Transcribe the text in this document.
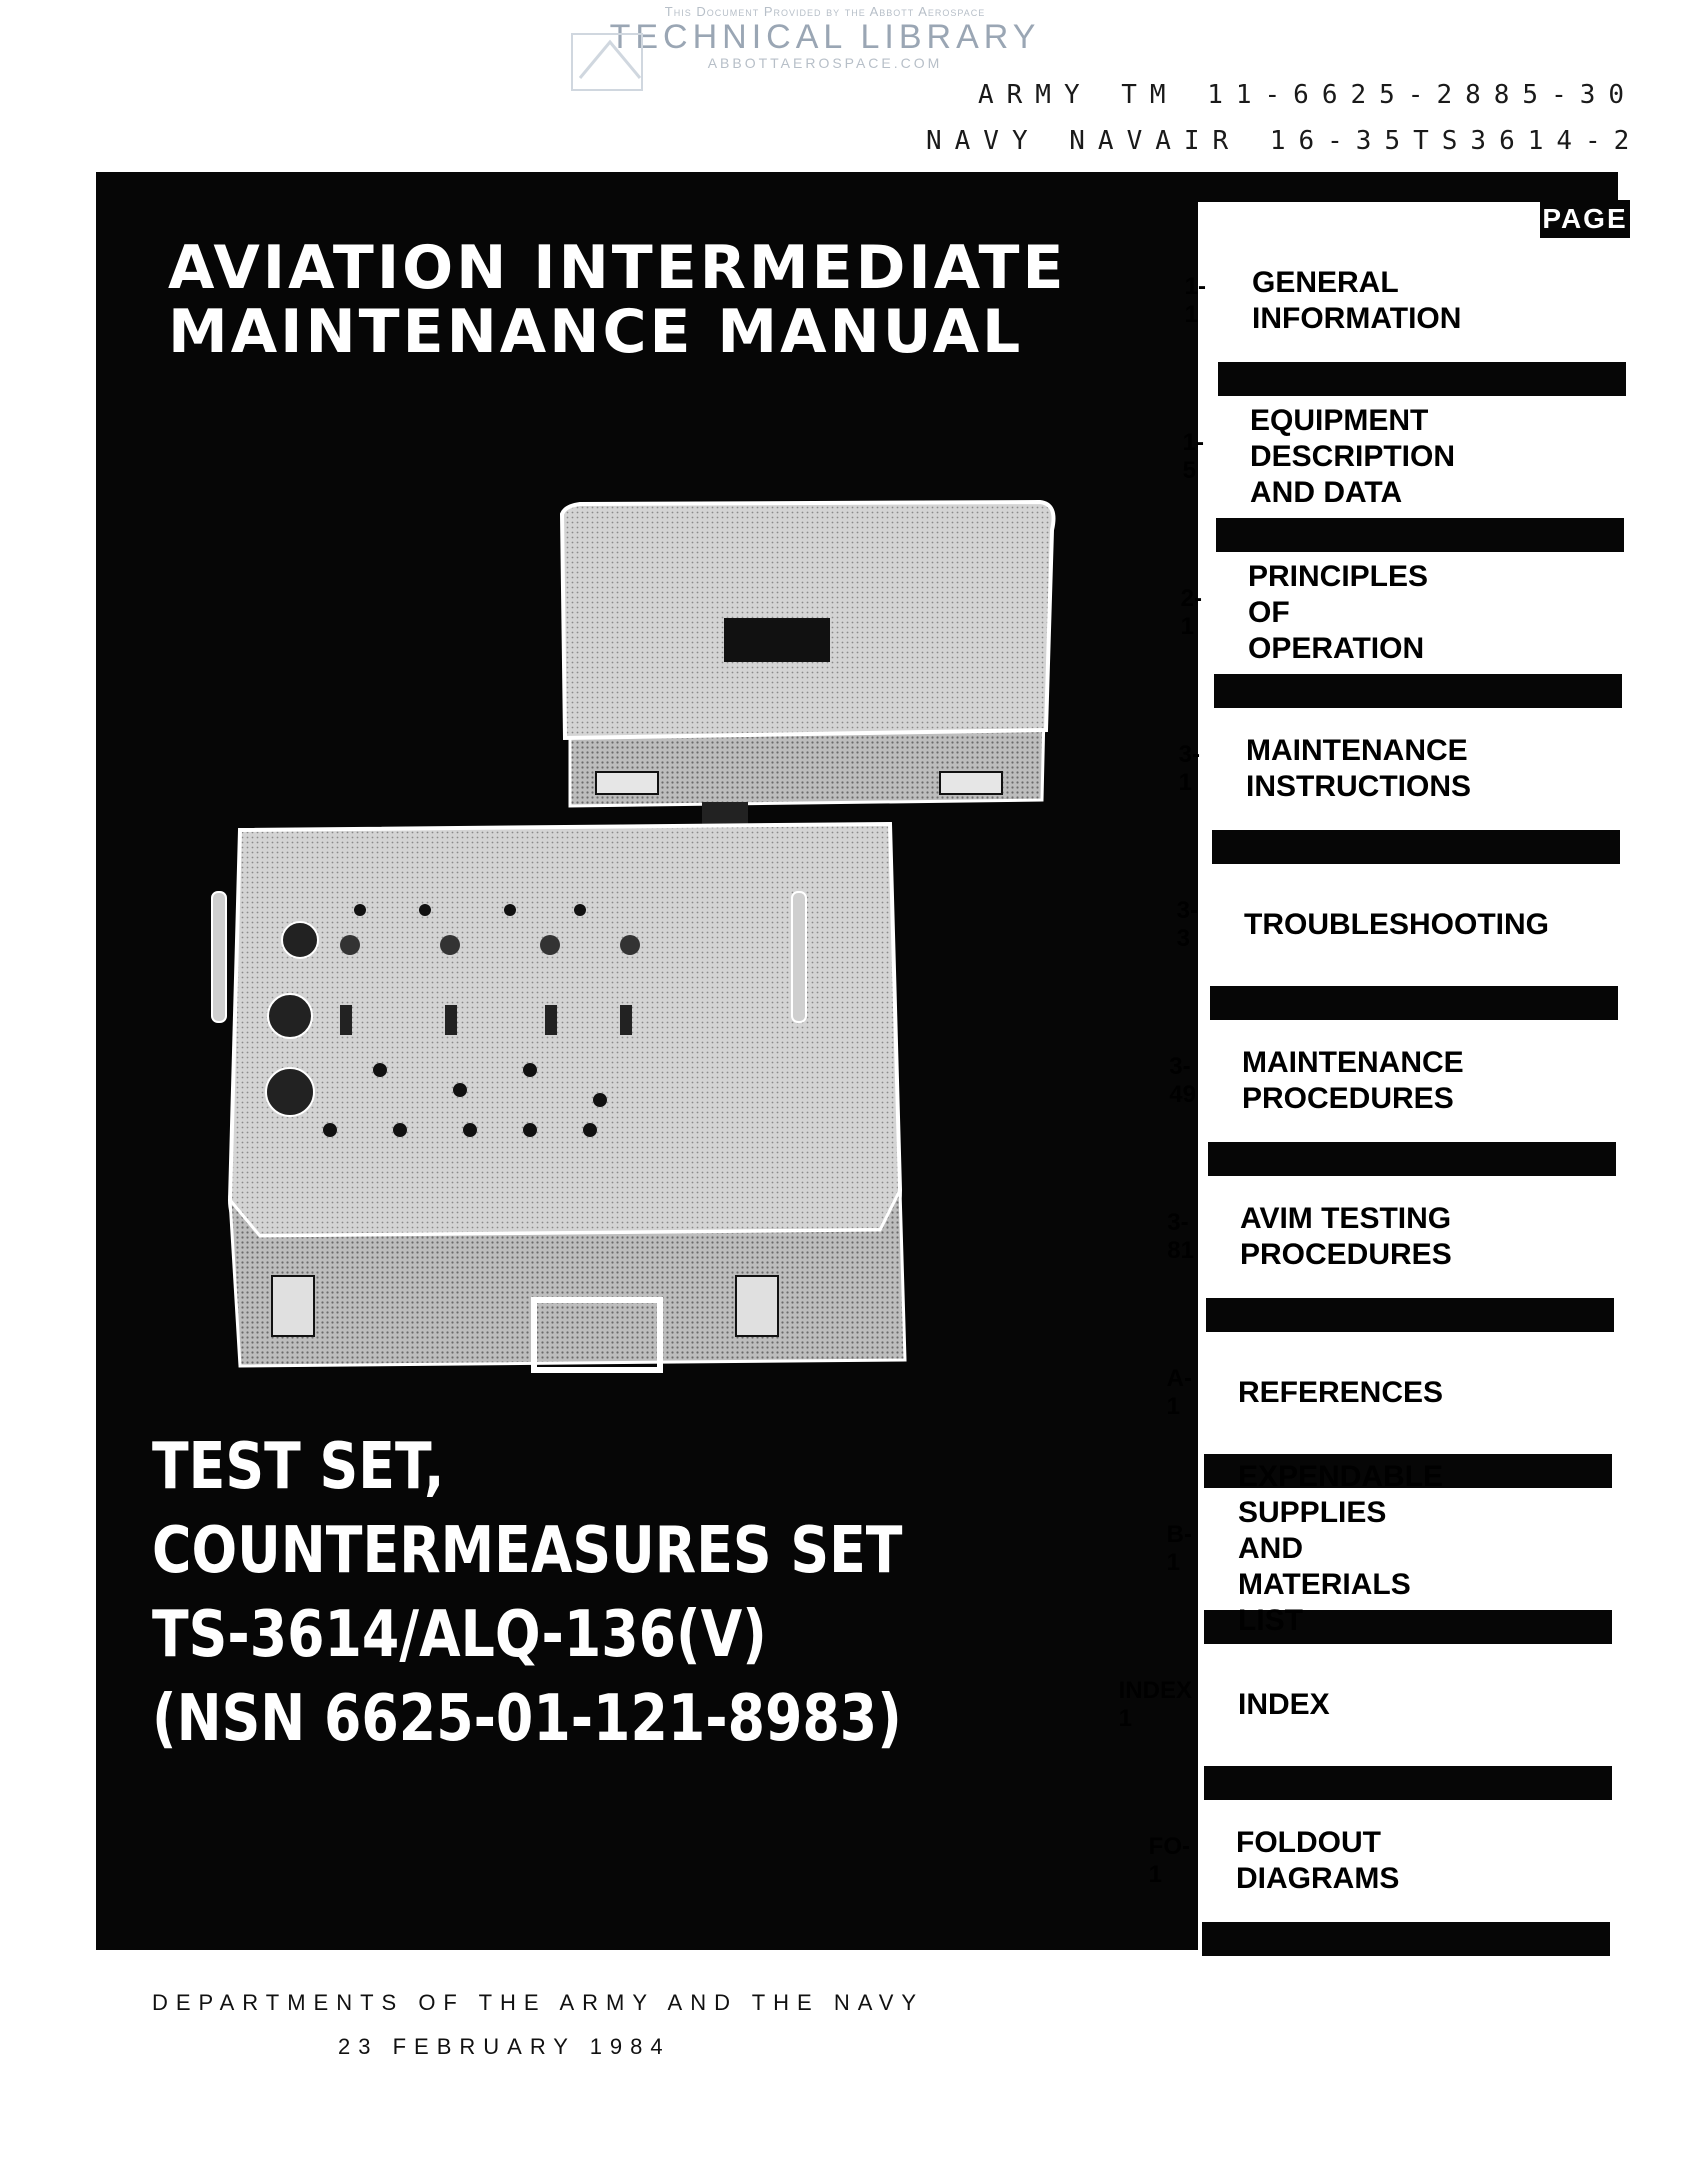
This Document Provided by the Abbott Aerospace
TECHNICAL LIBRARY
ABBOTTAEROSPACE.COM
ARMY TM 11-6625-2885-30
NAVY NAVAIR 16-35TS3614-2
AVIATION INTERMEDIATE
MAINTENANCE MANUAL
TEST SET,
COUNTERMEASURES SET
TS-3614/ALQ-136(V)
(NSN 6625-01-121-8983)
PAGE
GENERAL
INFORMATION
1-1
EQUIPMENT
DESCRIPTION
AND DATA
1-5
PRINCIPLES OF
OPERATION
2-1
MAINTENANCE
INSTRUCTIONS
3-1
TROUBLESHOOTING
3-3
MAINTENANCE
PROCEDURES
3-49
AVIM TESTING
PROCEDURES
3-81
REFERENCES
A-1

SUPPLIES AND
MATERIALS
B-1
INDEX
INDEX 1
FOLDOUT
DIAGRAMS
FO-1
DEPARTMENTS OF THE ARMY AND THE NAVY
23 FEBRUARY 1984
